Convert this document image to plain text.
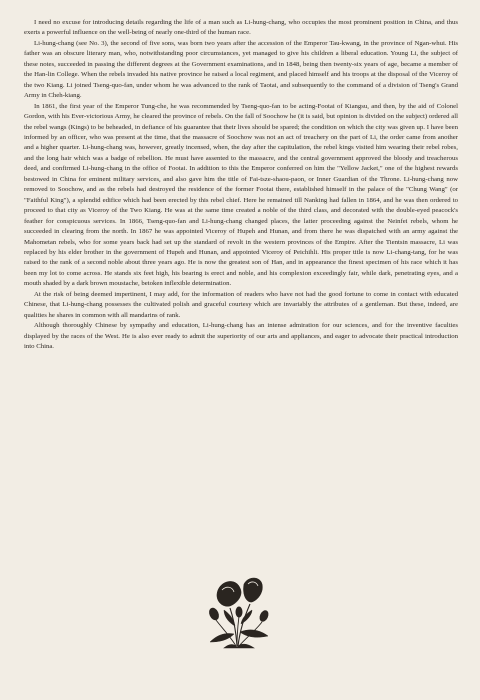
I need no excuse for introducing details regarding the life of a man such as Li-hung-chang, who occupies the most prominent position in China, and thus exerts a powerful influence on the well-being of nearly one-third of the human race.

Li-hung-chang (see No. 3), the second of five sons, was born two years after the accession of the Emperor Tau-kwang, in the province of Ngan-whui. His father was an obscure literary man, who, notwithstanding poor circumstances, yet managed to give his children a liberal education. Young Li, the subject of these notes, succeeded in passing the different degrees at the Government examinations, and in 1848, being then twenty-six years of age, became a member of the Han-lin College. When the rebels invaded his native province he raised a local regiment, and placed himself and his troops at the disposal of the Viceroy of the two Kiang. Li joined Tseng-quo-fan, under whom he was advanced to the rank of Taotai, and subsequently to the command of a division of Tseng's Grand Army in Cheh-kiang.

In 1861, the first year of the Emperor Tung-che, he was recommended by Tseng-quo-fan to be acting-Footai of Kiangsu, and then, by the aid of Colonel Gordon, with his Ever-victorious Army, he cleared the province of rebels. On the fall of Soochow he (it is said, but opinion is divided on the subject) ordered all the rebel wangs (Kings) to be beheaded, in defiance of his guarantee that their lives should be spared; the condition on which the city was given up. I have been informed by an officer, who was present at the time, that the massacre of Soochow was not an act of treachery on the part of Li, the order came from another and a higher quarter. Li-hung-chang was, however, greatly incensed, when, the day after the capitulation, the rebel kings visited him wearing their rebel robes, and the long hair which was a badge of rebellion. He must have assented to the massacre, and the central government approved the bloody and treacherous deed, and confirmed Li-hung-chang in the office of Footai. In addition to this the Emperor conferred on him the "Yellow Jacket," one of the highest rewards bestowed in China for eminent military services, and also gave him the title of Fai-tsze-shaou-paon, or Inner Guardian of the Throne. Li-hung-chang now removed to Soochow, and as the rebels had destroyed the residence of the former Footai there, established himself in the palace of the "Chung Wang" (or "Faithful King"), a splendid edifice which had been erected by this rebel chief. Here he remained till Nanking had fallen in 1864, and he was then ordered to proceed to that city as Viceroy of the Two Kiang. He was at the same time created a noble of the third class, and decorated with the double-eyed peacock's feather for conspicuous services. In 1866, Tseng-quo-fan and Li-hung-chang changed places, the latter proceeding against the Neinfei rebels, whom he succeeded in clearing from the north. In 1867 he was appointed Viceroy of Hupeh and Hunan, and from there he was dispatched with an army against the Mahometan rebels, who for some years back had set up the standard of revolt in the western provinces of the Empire. After the Tientsin massacre, Li was replaced by his elder brother in the government of Hupeh and Hunan, and appointed Viceroy of Peichihli. His proper title is now Li-chang-tang, for he was raised to the rank of a second noble about three years ago. He is now the greatest son of Han, and in appearance the finest specimen of his race which it has been my lot to come across. He stands six feet high, his bearing is erect and noble, and his complexion exceedingly fair, while dark, penetrating eyes, and a mouth shaded by a dark brown moustache, betoken inflexible determination.

At the risk of being deemed impertinent, I may add, for the information of readers who have not had the good fortune to come in contact with educated Chinese, that Li-hung-chang possesses the cultivated polish and graceful courtesy which are invariably the attributes of a gentleman. But these, indeed, are qualities he shares in common with all mandarins of rank.

Although thoroughly Chinese by sympathy and education, Li-hung-chang has an intense admiration for our sciences, and for the inventive faculties displayed by the races of the West. He is also ever ready to admit the superiority of our arts and appliances, and eager to advocate their practical introduction into China.
